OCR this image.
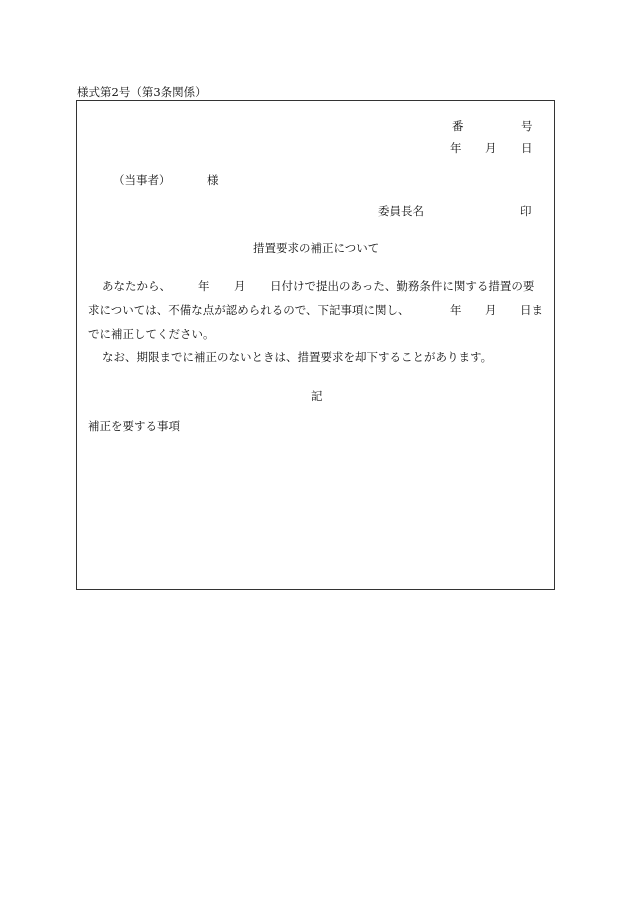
様式第2号（第3条関係）
番	号
年 月 日
（当事者）	様
委員長名	印
措置要求の補正について
あなたから、 年 月 日付けで提出のあった、勤務条件に関する措置の要
求については、不備な点が認められるので、下記事項に関し、	年 月 日ま
でに補正してください。
なお、期限までに補正のないときは、措置要求を却下することがあります。
記
補正を要する事項
